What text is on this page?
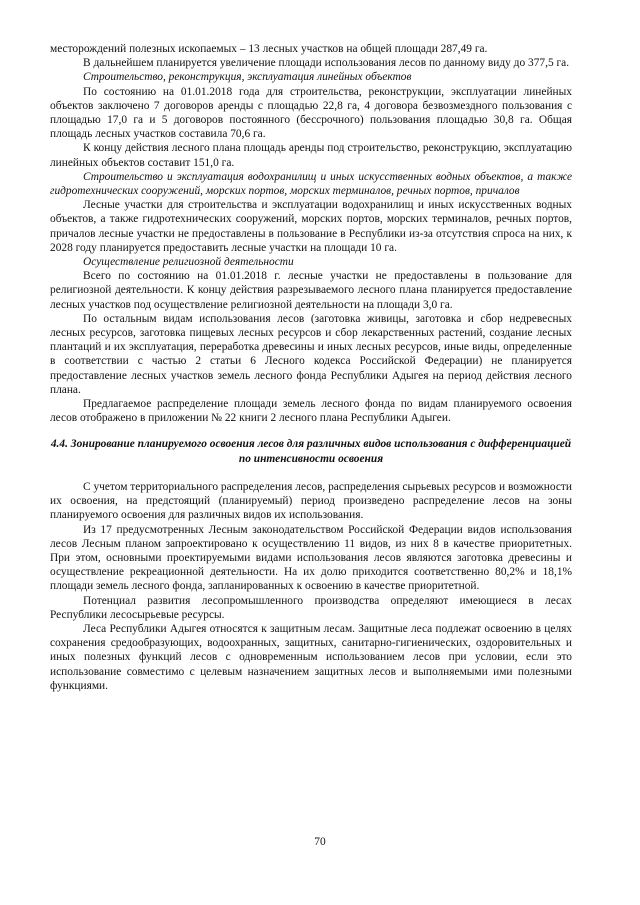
месторождений полезных ископаемых – 13 лесных участков на общей площади 287,49 га.

В дальнейшем планируется увеличение площади использования лесов по данному виду до 377,5 га.

Строительство, реконструкция, эксплуатация линейных объектов

По состоянию на 01.01.2018 года для строительства, реконструкции, эксплуатации линейных объектов заключено 7 договоров аренды с площадью 22,8 га, 4 договора безвозмездного пользования с площадью 17,0 га и 5 договоров постоянного (бессрочного) пользования площадью 30,8 га. Общая площадь лесных участков составила 70,6 га.

К концу действия лесного плана площадь аренды под строительство, реконструкцию, эксплуатацию линейных объектов составит 151,0 га.

Строительство и эксплуатация водохранилищ и иных искусственных водных объектов, а также гидротехнических сооружений, морских портов, морских терминалов, речных портов, причалов

Лесные участки для строительства и эксплуатации водохранилищ и иных искусственных водных объектов, а также гидротехнических сооружений, морских портов, морских терминалов, речных портов, причалов лесные участки не предоставлены в пользование в Республики из-за отсутствия спроса на них, к 2028 году планируется предоставить лесные участки на площади 10 га.

Осуществление религиозной деятельности

Всего по состоянию на 01.01.2018 г. лесные участки не предоставлены в пользование для религиозной деятельности. К концу действия разрезываемого лесного плана планируется предоставление лесных участков под осуществление религиозной деятельности на площади 3,0 га.

По остальным видам использования лесов (заготовка живицы, заготовка и сбор недревесных лесных ресурсов, заготовка пищевых лесных ресурсов и сбор лекарственных растений, создание лесных плантаций и их эксплуатация, переработка древесины и иных лесных ресурсов, иные виды, определенные в соответствии с частью 2 статьи 6 Лесного кодекса Российской Федерации) не планируется предоставление лесных участков земель лесного фонда Республики Адыгея на период действия лесного плана.

Предлагаемое распределение площади земель лесного фонда по видам планируемого освоения лесов отображено в приложении № 22 книги 2 лесного плана Республики Адыгеи.

4.4. Зонирование планируемого освоения лесов для различных видов использования с дифференциацией по интенсивности освоения

С учетом территориального распределения лесов, распределения сырьевых ресурсов и возможности их освоения, на предстоящий (планируемый) период произведено распределение лесов на зоны планируемого освоения для различных видов их использования.

Из 17 предусмотренных Лесным законодательством Российской Федерации видов использования лесов Лесным планом запроектировано к осуществлению 11 видов, из них 8 в качестве приоритетных. При этом, основными проектируемыми видами использования лесов являются заготовка древесины и осуществление рекреационной деятельности. На их долю приходится соответственно 80,2% и 18,1% площади земель лесного фонда, запланированных к освоению в качестве приоритетной.

Потенциал развития лесопромышленного производства определяют имеющиеся в лесах Республики лесосырьевые ресурсы.

Леса Республики Адыгея относятся к защитным лесам. Защитные леса подлежат освоению в целях сохранения средообразующих, водоохранных, защитных, санитарно-гигиенических, оздоровительных и иных полезных функций лесов с одновременным использованием лесов при условии, если это использование совместимо с целевым назначением защитных лесов и выполняемыми ими полезными функциями.

70
